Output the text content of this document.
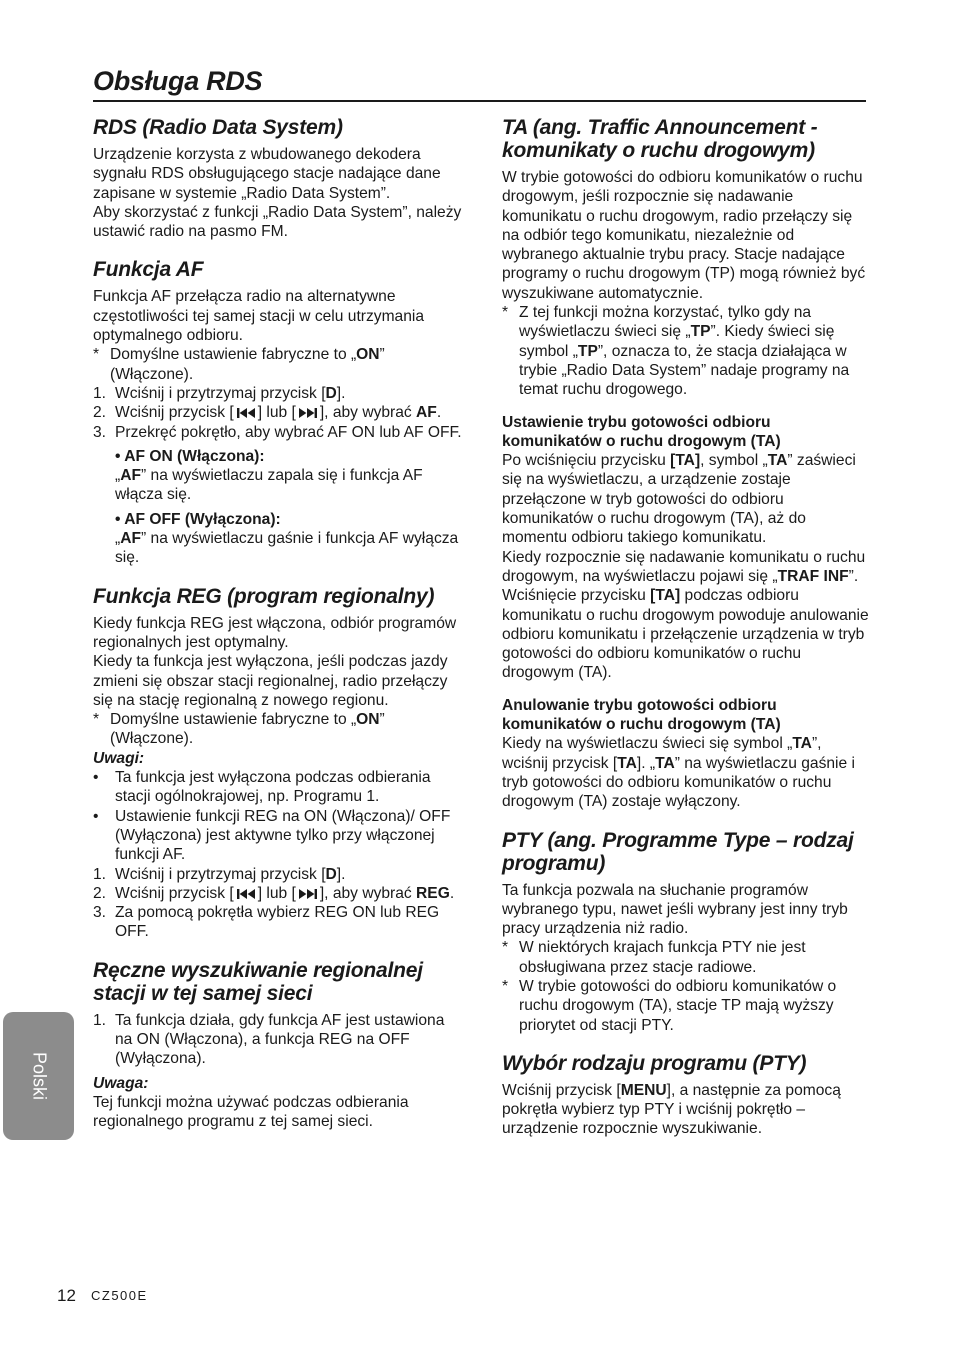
Obsługa RDS
RDS (Radio Data System)

Urządzenie korzysta z wbudowanego dekodera sygnału RDS obsługującego stacje nadające dane zapisane w systemie „Radio Data System”.

Aby skorzystać z funkcji „Radio Data System”, należy ustawić radio na pasmo FM.

Funkcja AF

Funkcja AF przełącza radio na alternatywne częstotliwości tej samej stacji w celu utrzymania optymalnego odbioru.

* Domyślne ustawienie fabryczne to „ON” (Włączone).
1. Wciśnij i przytrzymaj przycisk [D].
2. Wciśnij przycisk [ ] lub [ ], aby wybrać AF.
3. Przekręć pokrętło, aby wybrać AF ON lub AF OFF.
• AF ON (Włączona):
„AF” na wyświetlaczu zapala się i funkcja AF włącza się.
• AF OFF (Wyłączona):
„AF” na wyświetlaczu gaśnie i funkcja AF wyłącza się.
Funkcja REG (program regionalny)

Kiedy funkcja REG jest włączona, odbiór programów regionalnych jest optymalny.

Kiedy ta funkcja jest wyłączona, jeśli podczas jazdy zmieni się obszar stacji regionalnej, radio przełączy się na stację regionalną z nowego regionu.

* Domyślne ustawienie fabryczne to „ON” (Włączone).
Uwagi:
•	Ta funkcja jest wyłączona podczas odbierania stacji ogólnokrajowej, np. Programu 1.
•	Ustawienie funkcji REG na ON (Włączona)/ OFF (Wyłączona) jest aktywne tylko przy włączonej funkcji AF.
1. Wciśnij i przytrzymaj przycisk [D].
2. Wciśnij przycisk [ ] lub [ ], aby wybrać REG.
3. Za pomocą pokrętła wybierz REG ON lub REG OFF.
Ręczne wyszukiwanie regionalnej stacji w tej samej sieci
1. Ta funkcja działa, gdy funkcja AF jest ustawiona na ON (Włączona), a funkcja REG na OFF (Wyłączona).
Uwaga:

Tej funkcji można używać podczas odbierania regionalnego programu z tej samej sieci.

TA (ang. Traffic Announcement - komunikaty o ruchu drogowym)

W trybie gotowości do odbioru komunikatów o ruchu drogowym, jeśli rozpocznie się nadawanie komunikatu o ruchu drogowym, radio przełączy się na odbiór tego komunikatu, niezależnie od wybranego aktualnie trybu pracy. Stacje nadające programy o ruchu drogowym (TP) mogą również być wyszukiwane automatycznie.

* Z tej funkcji można korzystać, tylko gdy na wyświetlaczu świeci się „TP”. Kiedy świeci się symbol „TP”, oznacza to, że stacja działająca w trybie „Radio Data System” nadaje programy na temat ruchu drogowego.
Ustawienie trybu gotowości odbioru komunikatów o ruchu drogowym (TA)

Po wciśnięciu przycisku [TA], symbol „TA” zaświeci się na wyświetlaczu, a urządzenie zostaje przełączone w tryb gotowości do odbioru komunikatów o ruchu drogowym (TA), aż do momentu odbioru takiego komunikatu.

Kiedy rozpocznie się nadawanie komunikatu o ruchu drogowym, na wyświetlaczu pojawi się „TRAF INF”. Wciśnięcie przycisku [TA] podczas odbioru komunikatu o ruchu drogowym powoduje anulowanie odbioru komunikatu i przełączenie urządzenia w tryb gotowości do odbioru komunikatów o ruchu drogowym (TA).

Anulowanie trybu gotowości odbioru komunikatów o ruchu drogowym (TA)

Kiedy na wyświetlaczu świeci się symbol „TA”, wciśnij przycisk [TA]. „TA” na wyświetlaczu gaśnie i tryb gotowości do odbioru komunikatów o ruchu drogowym (TA) zostaje wyłączony.

PTY (ang. Programme Type – rodzaj programu)

Ta funkcja pozwala na słuchanie programów wybranego typu, nawet jeśli wybrany jest inny tryb pracy urządzenia niż radio.

* W niektórych krajach funkcja PTY nie jest obsługiwana przez stacje radiowe.
* W trybie gotowości do odbioru komunikatów o ruchu drogowym (TA), stacje TP mają wyższy priorytet od stacji PTY.
Wybór rodzaju programu (PTY)

Wciśnij przycisk [MENU], a następnie za pomocą pokrętła wybierz typ PTY i wciśnij pokrętło – urządzenie rozpocznie wyszukiwanie.

Polski
12 CZ500E
